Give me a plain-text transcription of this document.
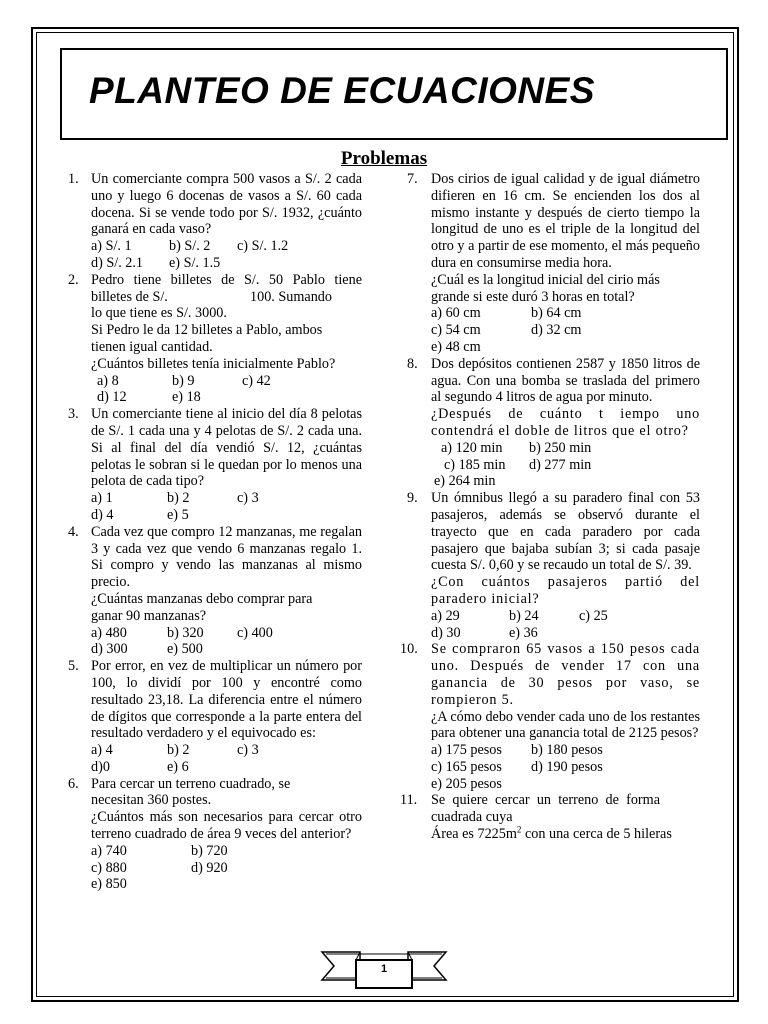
PLANTEO DE ECUACIONES
Problemas
1. Un comerciante compra 500 vasos a S/. 2 cada uno y luego 6 docenas de vasos a S/. 60 cada docena. Si se vende todo por S/. 1932, ¿cuánto ganará en cada vaso?

a) S/. 1	b) S/. 2	c) S/. 1.2
d) S/. 2.1	e) S/. 1.5
2. Pedro tiene billetes de S/. 50 Pablo tiene

billetes de S/.	100. Sumando

lo que tiene es S/. 3000.

Si Pedro le da 12 billetes a Pablo, ambos tienen igual cantidad.

¿Cuántos billetes tenía inicialmente Pablo?

a) 8	b) 9	c) 42
d) 12	e) 18
3. Un comerciante tiene al inicio del día 8 pelotas de S/. 1 cada una y 4 pelotas de S/. 2 cada una. Si al final del día vendió S/. 12, ¿cuántas pelotas le sobran si le quedan por lo menos una pelota de cada tipo?

a) 1	b) 2	c) 3
d) 4	e) 5
4. Cada vez que compro 12 manzanas, me regalan 3 y cada vez que vendo 6 manzanas regalo 1. Si compro y vendo las manzanas al mismo precio.

¿Cuántas manzanas debo comprar para ganar 90 manzanas?

a) 480	b) 320	c) 400
d) 300	e) 500
5. Por error, en vez de multiplicar un número por 100, lo dividí por 100 y encontré como resultado 23,18. La diferencia entre el número de dígitos que corresponde a la parte entera del resultado verdadero y el equivocado es:

a) 4	b) 2	c) 3
d)0	e) 6
6. Para cercar un terreno cuadrado, se necesitan 360 postes.

¿Cuántos más son necesarios para cercar otro terreno cuadrado de área 9 veces del anterior?

a) 740	b) 720
c) 880	d) 920
e) 850
7. Dos cirios de igual calidad y de igual diámetro difieren en 16 cm. Se encienden los dos al mismo instante y después de cierto tiempo la longitud de uno es el triple de la longitud del otro y a partir de ese momento, el más pequeño dura en consumirse media hora.

¿Cuál es la longitud inicial del cirio más grande si este duró 3 horas en total?

a) 60 cm	b) 64 cm
c) 54 cm	d) 32 cm
e) 48 cm
8. Dos depósitos contienen 2587 y 1850 litros de agua. Con una bomba se traslada del primero al segundo 4 litros de agua por minuto.

¿Después de cuánto t iempo uno contendrá el doble de litros que el otro?

a) 120 min	b) 250 min
c) 185 min	d) 277 min
e) 264 min
9. Un ómnibus llegó a su paradero final con 53 pasajeros, además se observó durante el trayecto que en cada paradero por cada pasajero que bajaba subían 3; si cada pasaje cuesta S/. 0,60 y se recaudo un total de S/. 39.

¿Con cuántos pasajeros partió del paradero inicial?

a) 29	b) 24	c) 25
d) 30	e) 36
10. Se compraron 65 vasos a 150 pesos cada uno. Después de vender 17 con una ganancia de 30 pesos por vaso, se rompieron 5.

¿A cómo debo vender cada uno de los restantes para obtener una ganancia total de 2125 pesos?

a) 175 pesos	b) 180 pesos
c) 165 pesos	d) 190 pesos
e) 205 pesos
11. Se quiere cercar un terreno de forma cuadrada cuya

Área es $7225m^2$ con una cerca de 5 hileras

1
